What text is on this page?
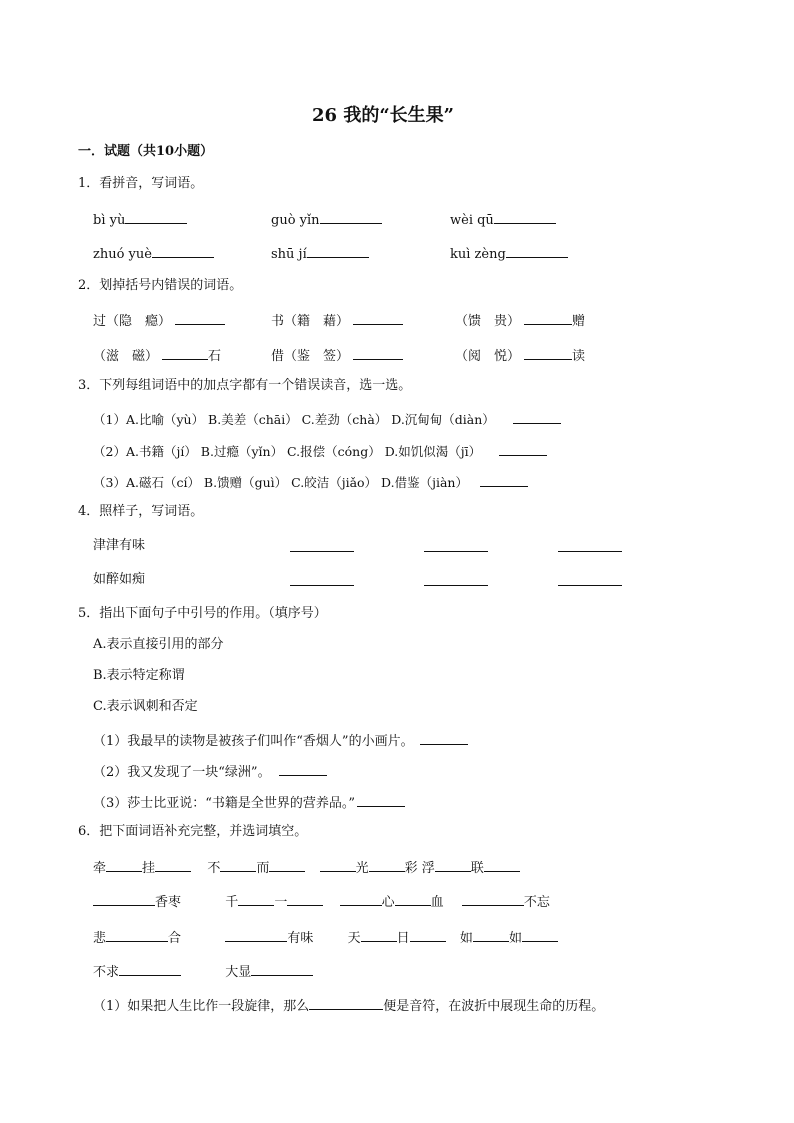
26 我的“长生果”
一．试题（共10小题）
1．看拼音，写词语。
bì yù	guò yǐn	wèi qū
zhuó yuè	shū jí	kuì zèng
2．划掉括号内错误的词语。
过（隐　瘾）	书（籍　藉）	（馈　贵）	赠
（滋　磁）	石	借（鉴　签）	（阅　悦）	读
3．下列每组词语中的加点字都有一个错误读音，选一选。
（1）A.比喻（yù） B.美差（chāi） C.差劲（chà） D.沉甸甸（diàn）
（2）A.书籍（jí） B.过瘾（yǐn） C.报偿（cóng） D.如饥似渴（jī）
（3）A.磁石（cí） B.馈赠（guì） C.皎洁（jiǎo） D.借鉴（jiàn）
4．照样子，写词语。
津津有味
如醉如痴
5．指出下面句子中引号的作用。（填序号）
A.表示直接引用的部分
B.表示特定称谓
C.表示讽刺和否定
（1）我最早的读物是被孩子们叫作“香烟人”的小画片。
（2）我又发现了一块“绿洲”。
（3）莎士比亚说：“书籍是全世界的营养品。”
6．把下面词语补充完整，并选词填空。
牵	挂	不	而	光	彩 浮	联
香枣	千	一	心	血	不忘
悲	合	有味	天	日	如	如
不求	大显
（1）如果把人生比作一段旋律，那么	便是音符，在波折中展现生命的历程。
